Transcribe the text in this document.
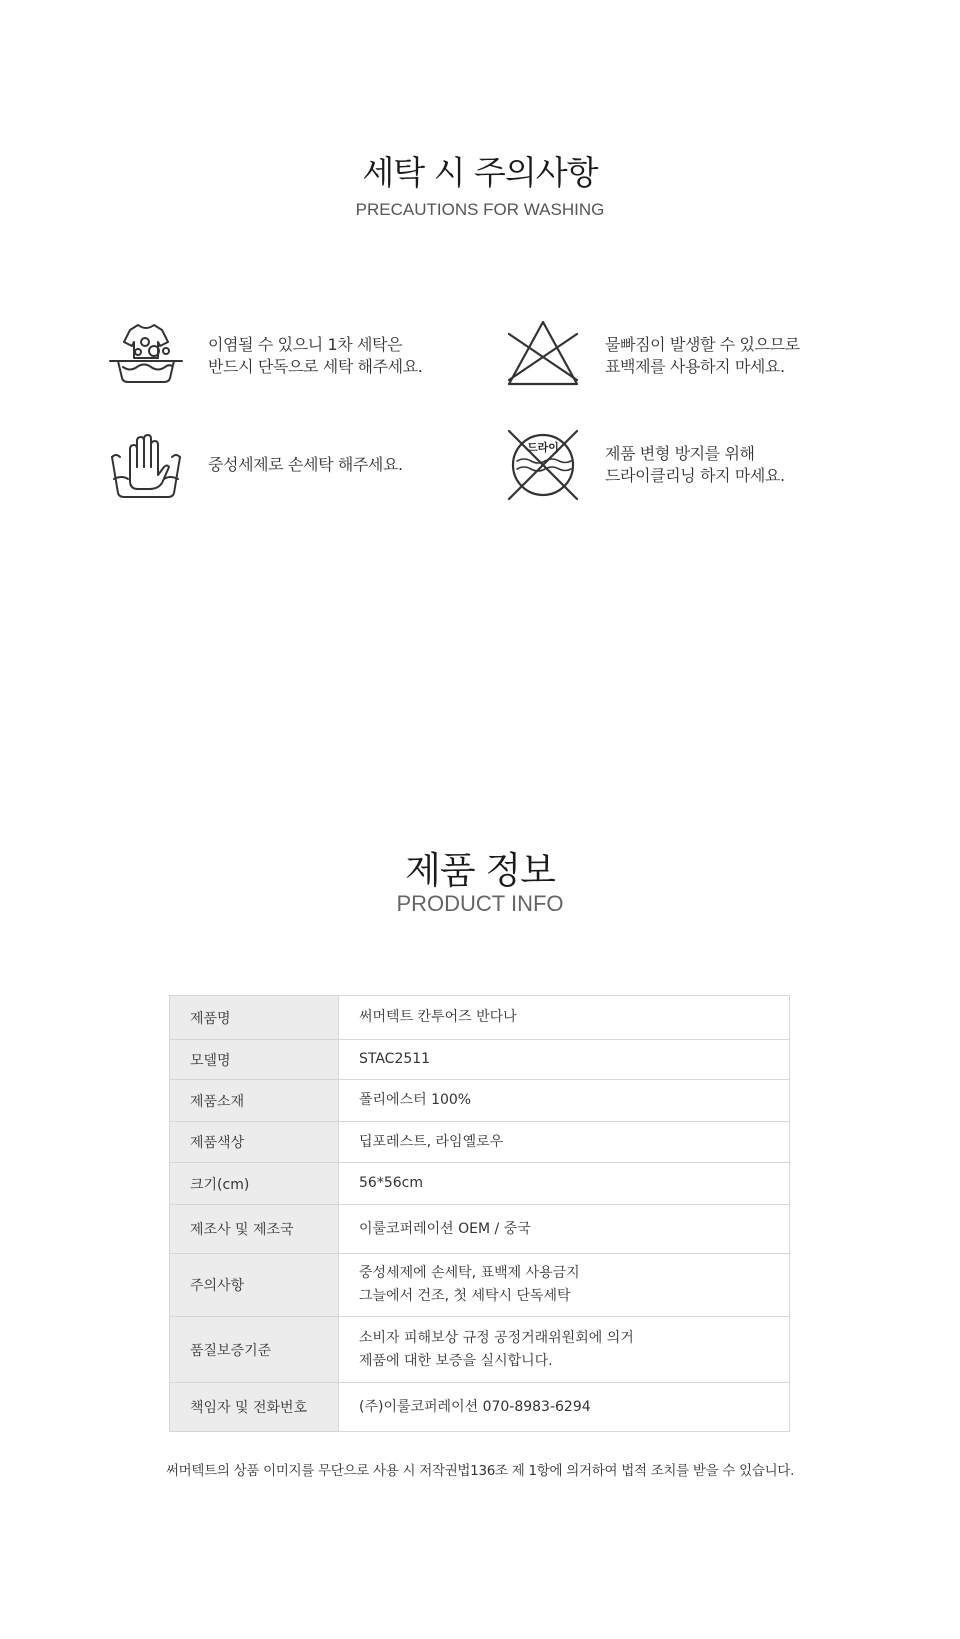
세탁 시 주의사항
PRECAUTIONS FOR WASHING
이염될 수 있으니 1차 세탁은
반드시 단독으로 세탁 해주세요.
물빠짐이 발생할 수 있으므로
표백제를 사용하지 마세요.
중성세제로 손세탁 해주세요.
드라이	제품 변형 방지를 위해
드라이클리닝 하지 마세요.
제품 정보
PRODUCT INFO
제품명	써머텍트 칸투어즈 반다나

모델명	STAC2511

제품소재	폴리에스터 100%

제품색상	딥포레스트, 라임옐로우

크기(cm)	56*56cm

제조사 및 제조국	이룰코퍼레이션 OEM / 중국

주의사항	중성세제에 손세탁, 표백제 사용금지
그늘에서 건조, 첫 세탁시 단독세탁

품질보증기준	소비자 피해보상 규정 공정거래위원회에 의거
제품에 대한 보증을 실시합니다.

책임자 및 전화번호	(주)이룰코퍼레이션 070-8983-6294
써머텍트의 상품 이미지를 무단으로 사용 시 저작권법136조 제 1항에 의거하여 법적 조치를 받을 수 있습니다.
